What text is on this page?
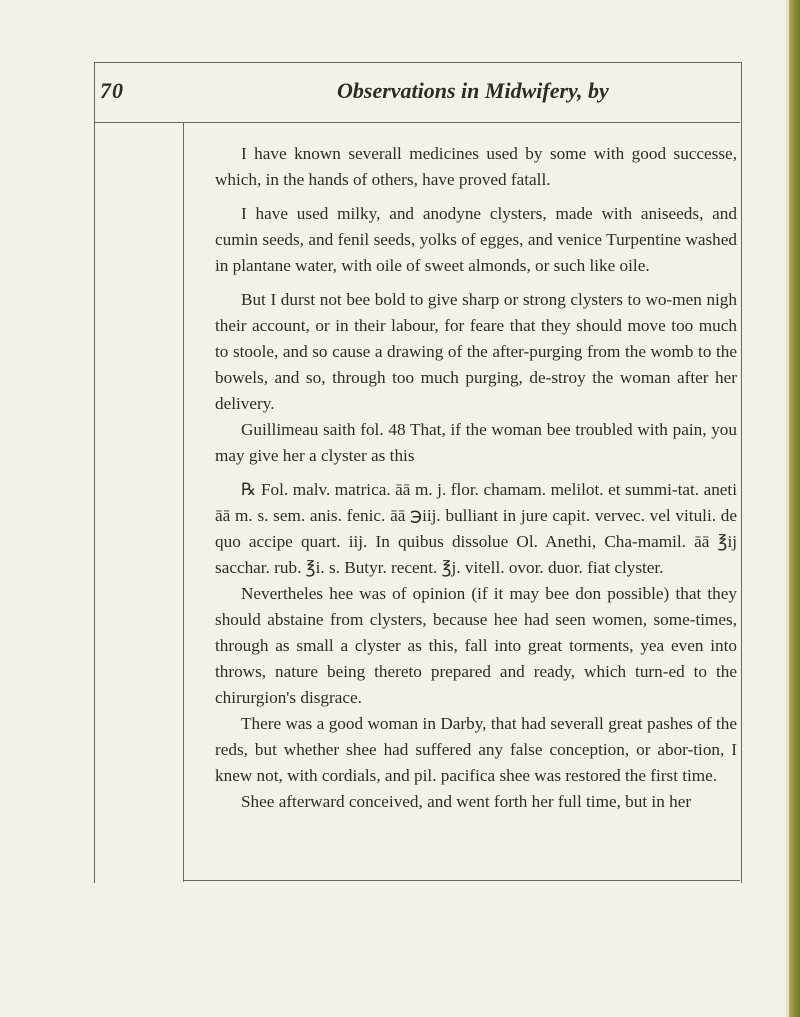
70	Observations in Midwifery, by

I have known severall medicines used by some with good successe, which, in the hands of others, have proved fatall.

I have used milky, and anodyne clysters, made with aniseeds, and cumin seeds, and fenil seeds, yolks of egges, and venice Turpentine washed in plantane water, with oile of sweet almonds, or such like oile.

But I durst not bee bold to give sharp or strong clysters to wo-men nigh their account, or in their labour, for feare that they should move too much to stoole, and so cause a drawing of the after-purging from the womb to the bowels, and so, through too much purging, de-stroy the woman after her delivery.

Guillimeau saith fol. 48 That, if the woman bee troubled with pain, you may give her a clyster as this

℞ Fol. malv. matrica. āā m. j. flor. chamam. melilot. et summi-tat. aneti āā m. s. sem. anis. fenic. āā ℈iij. bulliant in jure capit. vervec. vel vituli. de quo accipe quart. iij. In quibus dissolue Ol. Anethi, Cha-mamil. āā ℥ij sacchar. rub. ℥i. s. Butyr. recent. ℥j. vitell. ovor. duor. fiat clyster.

Nevertheles hee was of opinion (if it may bee don possible) that they should abstaine from clysters, because hee had seen women, some-times, through as small a clyster as this, fall into great torments, yea even into throws, nature being thereto prepared and ready, which turn-ed to the chirurgion's disgrace.

There was a good woman in Darby, that had severall great pashes of the reds, but whether shee had suffered any false conception, or abor-tion, I knew not, with cordials, and pil. pacifica shee was restored the first time.

Shee afterward conceived, and went forth her full time, but in her
